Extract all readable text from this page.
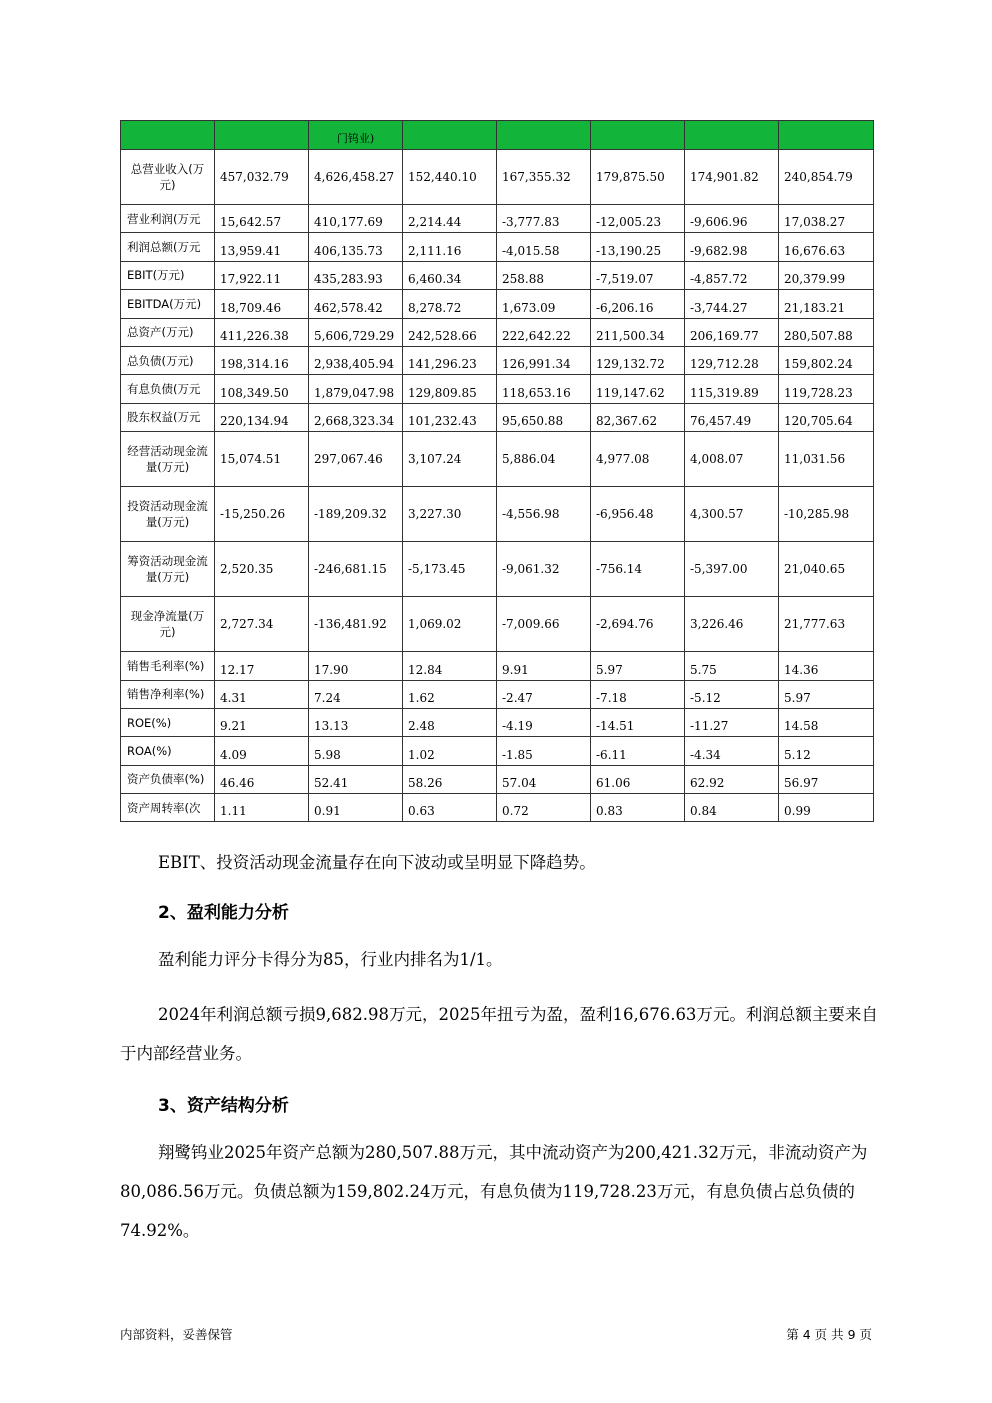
		门钨业)					
总营业收入(万元)	457,032.79	4,626,458.27	152,440.10	167,355.32	179,875.50	174,901.82	240,854.79
营业利润(万元	15,642.57	410,177.69	2,214.44	-3,777.83	-12,005.23	-9,606.96	17,038.27
利润总额(万元	13,959.41	406,135.73	2,111.16	-4,015.58	-13,190.25	-9,682.98	16,676.63
EBIT(万元)	17,922.11	435,283.93	6,460.34	258.88	-7,519.07	-4,857.72	20,379.99
EBITDA(万元)	18,709.46	462,578.42	8,278.72	1,673.09	-6,206.16	-3,744.27	21,183.21
总资产(万元)	411,226.38	5,606,729.29	242,528.66	222,642.22	211,500.34	206,169.77	280,507.88
总负债(万元)	198,314.16	2,938,405.94	141,296.23	126,991.34	129,132.72	129,712.28	159,802.24
有息负债(万元	108,349.50	1,879,047.98	129,809.85	118,653.16	119,147.62	115,319.89	119,728.23
股东权益(万元	220,134.94	2,668,323.34	101,232.43	95,650.88	82,367.62	76,457.49	120,705.64
经营活动现金流量(万元)	15,074.51	297,067.46	3,107.24	5,886.04	4,977.08	4,008.07	11,031.56
投资活动现金流量(万元)	-15,250.26	-189,209.32	3,227.30	-4,556.98	-6,956.48	4,300.57	-10,285.98
筹资活动现金流量(万元)	2,520.35	-246,681.15	-5,173.45	-9,061.32	-756.14	-5,397.00	21,040.65
现金净流量(万元)	2,727.34	-136,481.92	1,069.02	-7,009.66	-2,694.76	3,226.46	21,777.63
销售毛利率(%)	12.17	17.90	12.84	9.91	5.97	5.75	14.36
销售净利率(%)	4.31	7.24	1.62	-2.47	-7.18	-5.12	5.97
ROE(%)	9.21	13.13	2.48	-4.19	-14.51	-11.27	14.58
ROA(%)	4.09	5.98	1.02	-1.85	-6.11	-4.34	5.12
资产负债率(%)	46.46	52.41	58.26	57.04	61.06	62.92	56.97
资产周转率(次	1.11	0.91	0.63	0.72	0.83	0.84	0.99
EBIT、投资活动现金流量存在向下波动或呈明显下降趋势。
2、盈利能力分析
盈利能力评分卡得分为85，行业内排名为1/1。
2024年利润总额亏损9,682.98万元，2025年扭亏为盈，盈利16,676.63万元。利润总额主要来自于内部经营业务。
3、资产结构分析
翔鹭钨业2025年资产总额为280,507.88万元，其中流动资产为200,421.32万元，非流动资产为80,086.56万元。负债总额为159,802.24万元，有息负债为119,728.23万元，有息负债占总负债的74.92%。
内部资料，妥善保管	第 4 页 共 9 页
